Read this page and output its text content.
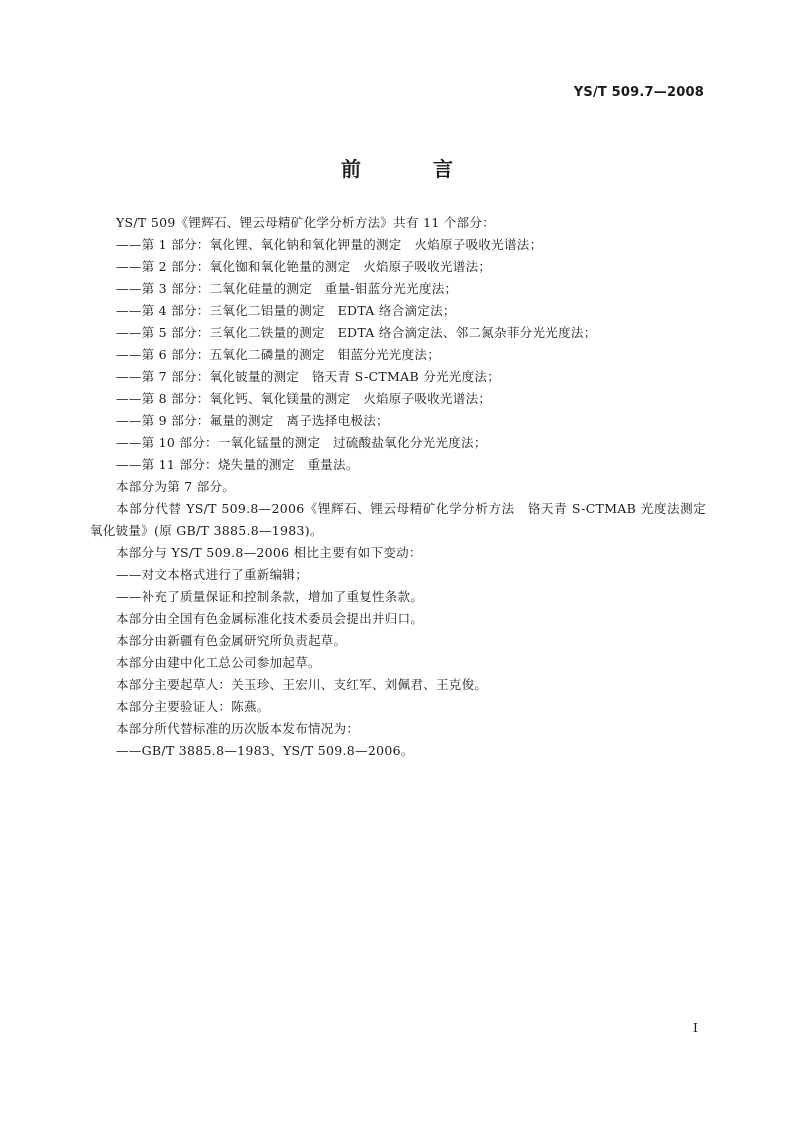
YS/T 509.7—2008
前　言
YS/T 509《锂辉石、锂云母精矿化学分析方法》共有 11 个部分：
——第 1 部分：氧化锂、氧化钠和氧化钾量的测定　火焰原子吸收光谱法；
——第 2 部分：氧化铷和氧化铯量的测定　火焰原子吸收光谱法；
——第 3 部分：二氧化硅量的测定　重量-钼蓝分光光度法；
——第 4 部分：三氧化二铝量的测定　EDTA 络合滴定法；
——第 5 部分：三氧化二铁量的测定　EDTA 络合滴定法、邻二氮杂菲分光光度法；
——第 6 部分：五氧化二磷量的测定　钼蓝分光光度法；
——第 7 部分：氧化铍量的测定　铬天青 S-CTMAB 分光光度法；
——第 8 部分：氧化钙、氧化镁量的测定　火焰原子吸收光谱法；
——第 9 部分：氟量的测定　离子选择电极法；
——第 10 部分：一氧化锰量的测定　过硫酸盐氧化分光光度法；
——第 11 部分：烧失量的测定　重量法。
本部分为第 7 部分。
本部分代替 YS/T 509.8—2006《锂辉石、锂云母精矿化学分析方法　铬天青 S-CTMAB 光度法测定氧化铍量》(原 GB/T 3885.8—1983)。
本部分与 YS/T 509.8—2006 相比主要有如下变动：
——对文本格式进行了重新编辑；
——补充了质量保证和控制条款，增加了重复性条款。
本部分由全国有色金属标准化技术委员会提出并归口。
本部分由新疆有色金属研究所负责起草。
本部分由建中化工总公司参加起草。
本部分主要起草人：关玉珍、王宏川、支红军、刘佩君、王克俊。
本部分主要验证人：陈燕。
本部分所代替标准的历次版本发布情况为：
——GB/T 3885.8—1983、YS/T 509.8—2006。
I
